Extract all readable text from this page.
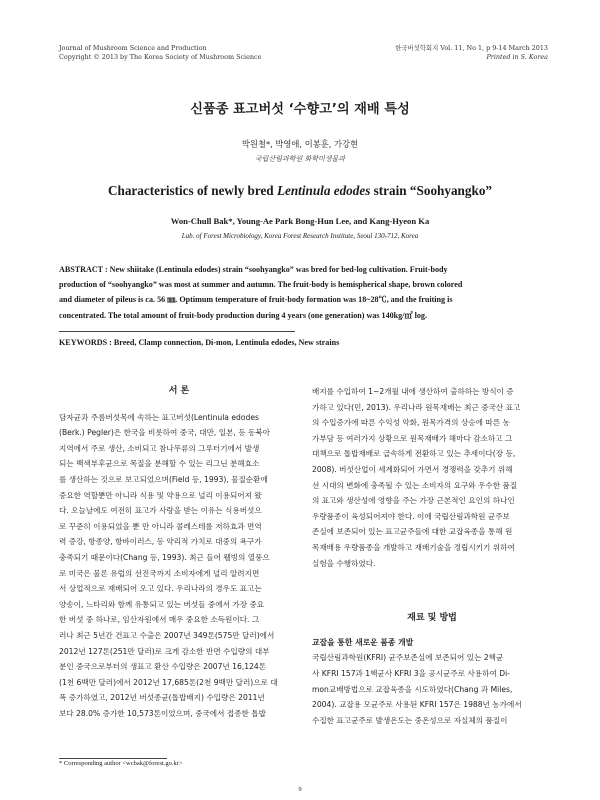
Journal of Mushroom Science and Production
Copyright © 2013 by The Korea Society of Mushroom Science
한국버섯학회지 Vol. 11, No 1, p 9-14 March 2013
Printed in S. Korea
신품종 표고버섯 ‘수향고’의 재배 특성
박원철*, 박영애, 이봉훈, 가강현
국립산림과학원 화학미생물과
Characteristics of newly bred Lentinula edodes strain “Soohyangko”
Won-Chull Bak*, Young-Ae Park Bong-Hun Lee, and Kang-Hyeon Ka
Lab. of Forest Microbiology, Korea Forest Research Institute, Seoul 130-712, Korea

ABSTRACT : New shiitake (Lentinula edodes) strain “soohyangko” was bred for bed-log cultivation. Fruit-body

production of “soohyangko” was most at summer and autumn. The fruit-body is hemispherical shape, brown colored

and diameter of pileus is ca. 56 ㎜. Optimum temperature of fruit-body formation was 18~28℃, and the fruiting is

concentrated. The total amount of fruit-body production during 4 years (one generation) was 140kg/㎥ log.

KEYWORDS : Breed, Clamp connection, Di-mon, Lentinula edodes, New strains

서 론

담자균과 주름버섯목에 속하는 표고버섯(Lentinula edodes

(Berk.) Pegler)은 한국을 비롯하여 중국, 대만, 일본, 등 동북아

지역에서 주로 생산, 소비되고 참나무류의 그루터기에서 발생

되는 백색부후균으로 목질을 분해할 수 있는 리그닌 분해효소

를 생산하는 것으로 보고되었으며(Field 등, 1993), 물질순환에

중요한 역할뿐만 아니라 식용 및 약용으로 널리 이용되어져 왔

다. 오늘날에도 여전히 표고가 사랑을 받는 이유는 식용버섯으

로 꾸준히 이용되었을 뿐 만 아니라 콜레스테롤 저하효과 면역

력 증강, 항종양, 항바이러스, 등 약리적 가치로 대중의 욕구가

충족되기 때문이다(Chang 등, 1993). 최근 들어 웰빙의 열풍으

로 미국은 물론 유럽의 선진국까지 소비자에게 널리 알려지면

서 상업적으로 재배되어 오고 있다. 우리나라의 경우도 표고는

양송이, 느타리와 함께 유통되고 있는 버섯들 중에서 가장 중요

한 버섯 중 하나로, 임산자원에서 매우 중요한 소득원이다. 그

러나 최근 5년간 건표고 수출은 2007년 349톤(575만 달러)에서

2012년 127톤(251만 달러)로 크게 감소한 반면 수입량의 대부

분인 중국으로부터의 생표고 환산 수입량은 2007년 16,124톤

(1천 6백만 달러)에서 2012년 17,685톤(2천 9백만 달러)으로 대

폭 증가하였고, 2012년 버섯종균(톱밥배지) 수입량은 2011년

보다 28.0% 증가한 10,573톤이었으며, 중국에서 접종한 톱밥

배지를 수입하여 1~2개월 내에 생산하여 출하하는 방식이 증

가하고 있다(민, 2013). 우리나라 원목재배는 최근 중국산 표고

의 수입증가에 따른 수익성 악화, 원목가격의 상승에 따른 농

가부담 등 여러가지 상황으로 원목재배가 해마다 감소하고 그

대책으로 톱밥재배로 급속하게 전환하고 있는 추세이다(장 등,

2008). 버섯산업이 세계화되어 가면서 경쟁력을 갖추기 위해

선 시대의 변화에 충족될 수 있는 소비자의 요구와 우수한 품질

의 표고와 생산성에 영향을 주는 가장 근본적인 요인의 하나인

우량품종이 육성되어져야 한다. 이에 국립산림과학원 균주보

존실에 보존되어 있는 표고균주들에 대한 교잡육종을 통해 원

목재배용 우량품종을 개발하고 재배기술을 정립시키기 위하여

실험을 수행하였다.

재료 및 방법

교잡을 통한 새로운 품종 개발

국립산림과학원(KFRI) 균주보존실에 보존되어 있는 2핵균

사 KFRI 157과 1핵균사 KFRI 3을 공시균주로 사용하여 Di-

mon교배방법으로 교잡육종을 시도하였다(Chang 과 Miles,

2004). 교잡용 모균주로 사용된 KFRI 157은 1988년 농가에서

수집한 표고균주로 발생온도는 중온성으로 자실체의 품질이

* Corresponding author <wcbak@forest.go.kr>
9
